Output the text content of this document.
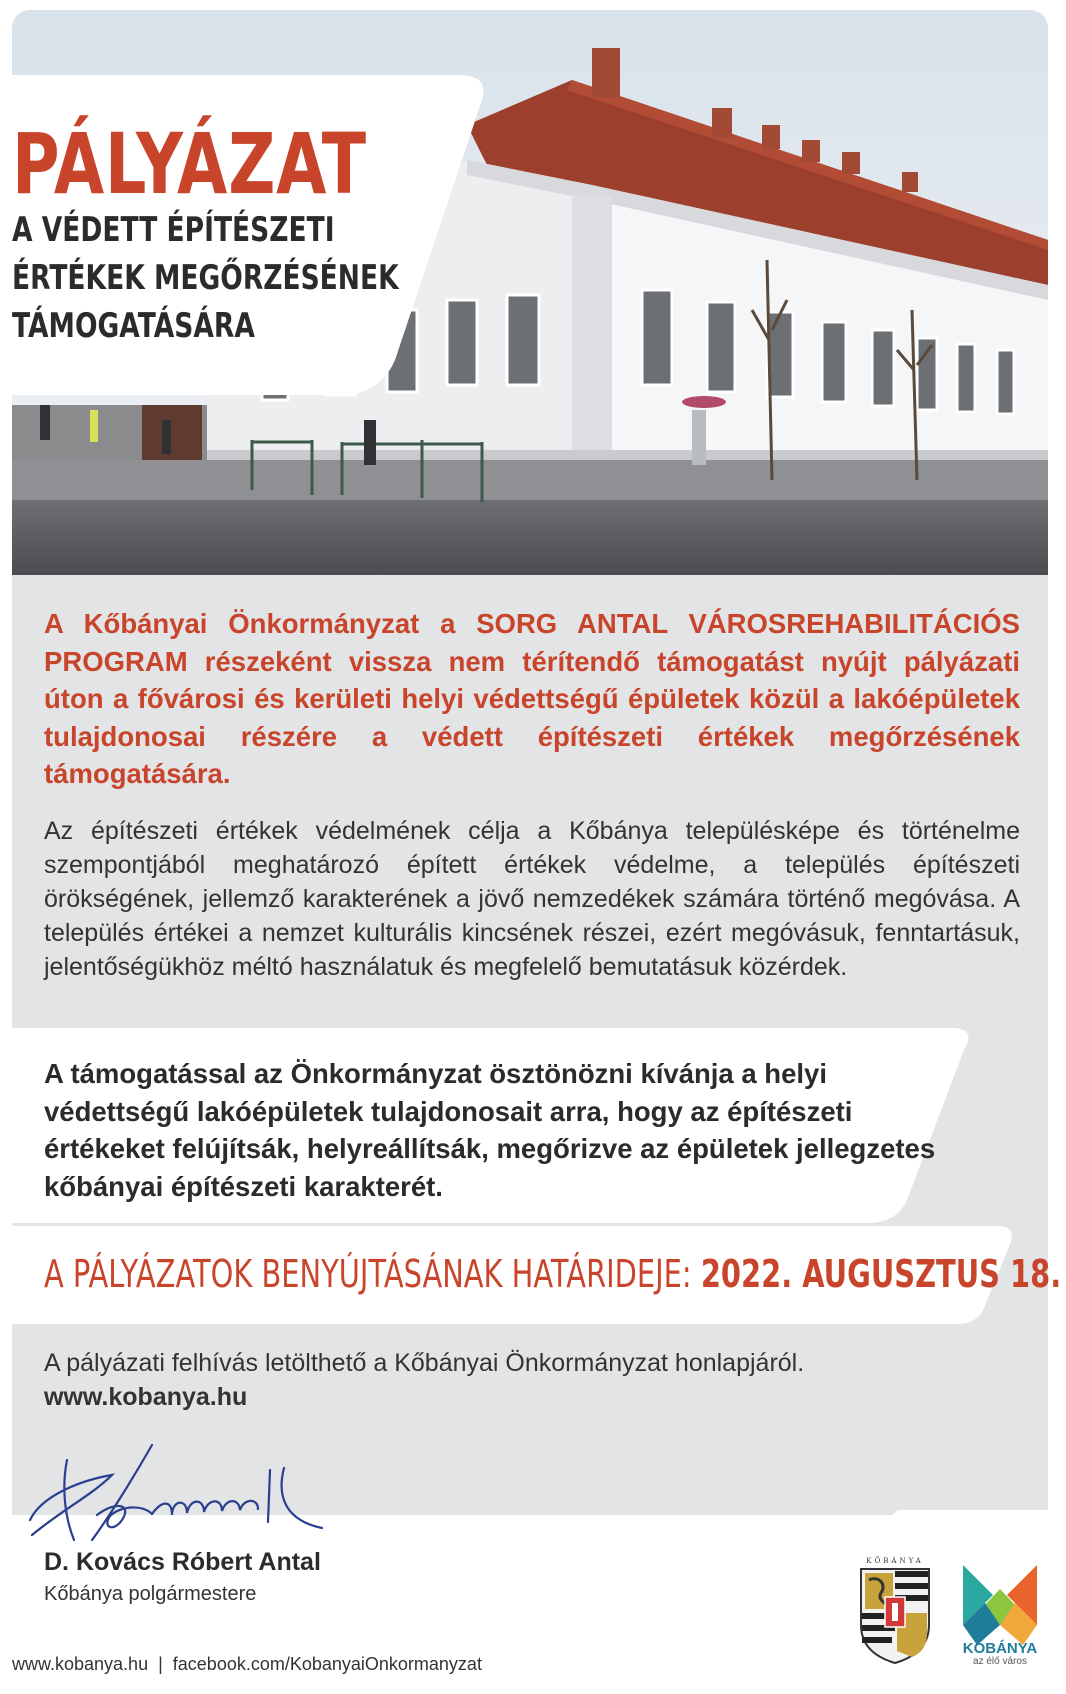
PÁLYÁZAT
A VÉDETT ÉPÍTÉSZETI
ÉRTÉKEK MEGŐRZÉSÉNEK
TÁMOGATÁSÁRA
A Kőbányai Önkormányzat a SORG ANTAL VÁROSREHABILITÁCIÓS PROGRAM részeként vissza nem térítendő támogatást nyújt pályázati úton a fővárosi és kerületi helyi védettségű épületek közül a lakóépületek tulajdonosai részére a védett építészeti értékek megőrzésének támogatására.
Az építészeti értékek védelmének célja a Kőbánya településképe és történelme szempontjából meghatározó épített értékek védelme, a település építészeti örökségének, jellemző karakterének a jövő nemzedékek számára történő megóvása. A település értékei a nemzet kulturális kincsének részei, ezért megóvásuk, fenntartásuk, jelentőségükhöz méltó használatuk és megfelelő bemutatásuk közérdek.
A támogatással az Önkormányzat ösztönözni kívánja a helyi védettségű lakóépületek tulajdonosait arra, hogy az építészeti értékeket felújítsák, helyreállítsák, megőrizve az épületek jellegzetes kőbányai építészeti karakterét.
A PÁLYÁZATOK BENYÚJTÁSÁNAK HATÁRIDEJE: 2022. AUGUSZTUS 18.
A pályázati felhívás letölthető a Kőbányai Önkormányzat honlapjáról.
www.kobanya.hu
D. Kovács Róbert Antal
Kőbánya polgármestere
KŐBÁNYA
KŐBÁNYA
az élő város
www.kobanya.hu | facebook.com/KobanyaiOnkormanyzat
